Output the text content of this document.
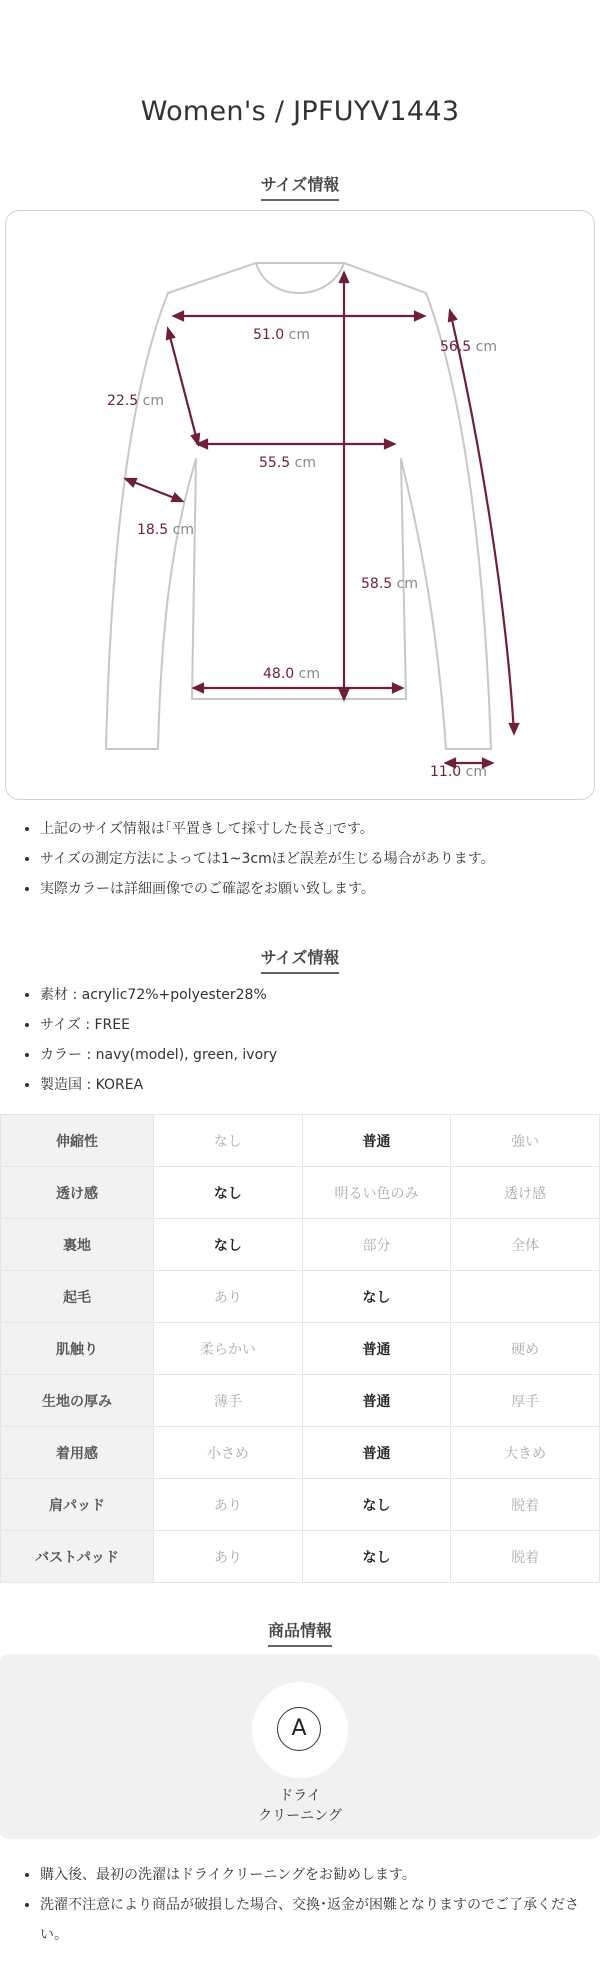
Women's / JPFUYV1443
サイズ情報
51.0 cm
56.5 cm
22.5 cm
55.5 cm
18.5 cm
58.5 cm
48.0 cm
11.0 cm
• 上記のサイズ情報は｢平置きして採寸した長さ｣です。
• サイズの測定方法によっては1~3cmほど誤差が生じる場合があります。
• 実際カラーは詳細画像でのご確認をお願い致します。
サイズ情報
• 素材 : acrylic72%+polyester28%
• サイズ : FREE
• カラー : navy(model), green, ivory
• 製造国 : KOREA
伸縮性	なし	普通	強い
透け感	なし	明るい色のみ	透け感
裏地	なし	部分	全体
起毛	あり	なし	
肌触り	柔らかい	普通	硬め
生地の厚み	薄手	普通	厚手
着用感	小さめ	普通	大きめ
肩パッド	あり	なし	脱着
バストパッド	あり	なし	脱着
商品情報
A
ドライ
クリーニング
• 購入後、最初の洗濯はドライクリーニングをお勧めします。
• 洗濯不注意により商品が破損した場合、交換･返金が困難となりますのでご了承ください。
